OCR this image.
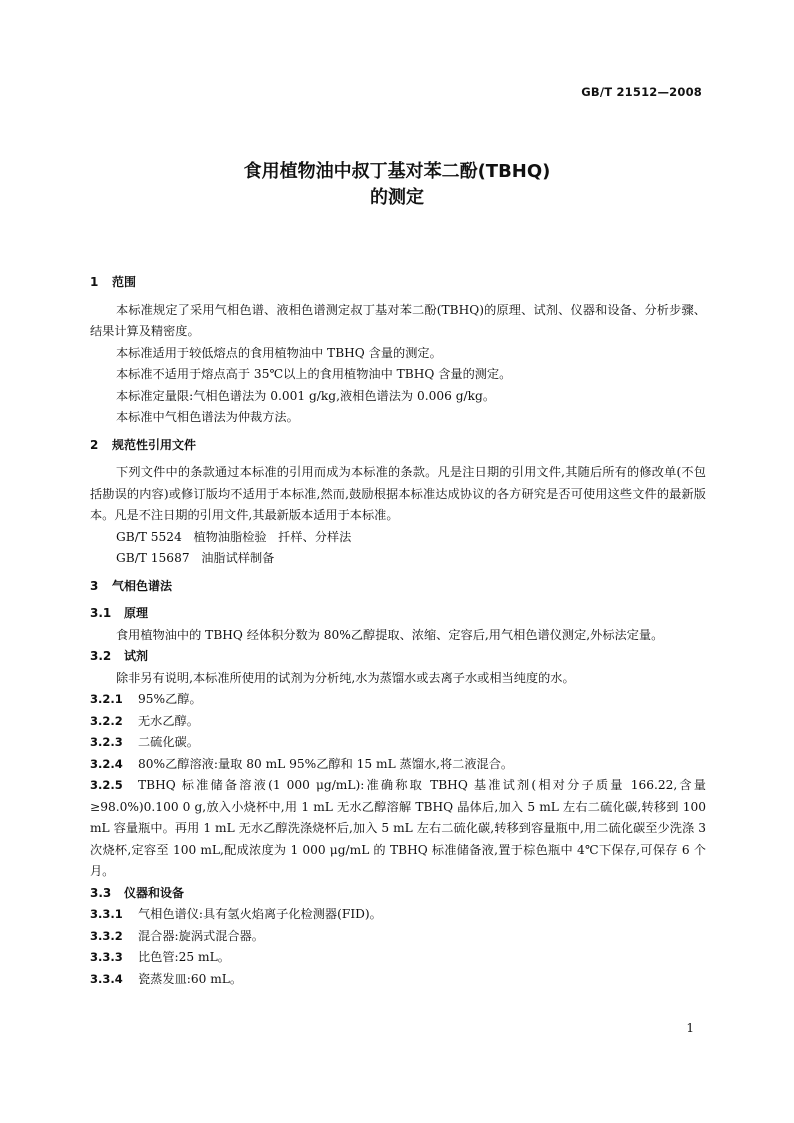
GB/T 21512—2008
食用植物油中叔丁基对苯二酚(TBHQ)
的测定
1 范围

本标准规定了采用气相色谱、液相色谱测定叔丁基对苯二酚(TBHQ)的原理、试剂、仪器和设备、分析步骤、结果计算及精密度。

本标准适用于较低熔点的食用植物油中 TBHQ 含量的测定。

本标准不适用于熔点高于 35℃以上的食用植物油中 TBHQ 含量的测定。

本标准定量限:气相色谱法为 0.001 g/kg,液相色谱法为 0.006 g/kg。

本标准中气相色谱法为仲裁方法。

2 规范性引用文件

下列文件中的条款通过本标准的引用而成为本标准的条款。凡是注日期的引用文件,其随后所有的修改单(不包括勘误的内容)或修订版均不适用于本标准,然而,鼓励根据本标准达成协议的各方研究是否可使用这些文件的最新版本。凡是不注日期的引用文件,其最新版本适用于本标准。

GB/T 5524   植物油脂检验   扦样、分样法

GB/T 15687   油脂试样制备

3 气相色谱法
3.1 原理

食用植物油中的 TBHQ 经体积分数为 80%乙醇提取、浓缩、定容后,用气相色谱仪测定,外标法定量。

3.2 试剂

除非另有说明,本标准所使用的试剂为分析纯,水为蒸馏水或去离子水或相当纯度的水。

3.2.1 95%乙醇。

3.2.2 无水乙醇。

3.2.3 二硫化碳。

3.2.4 80%乙醇溶液:量取 80 mL 95%乙醇和 15 mL 蒸馏水,将二液混合。

3.2.5 TBHQ 标准储备溶液(1 000 μg/mL):准确称取 TBHQ 基准试剂(相对分子质量 166.22,含量≥98.0%)0.100 0 g,放入小烧杯中,用 1 mL 无水乙醇溶解 TBHQ 晶体后,加入 5 mL 左右二硫化碳,转移到 100 mL 容量瓶中。再用 1 mL 无水乙醇洗涤烧杯后,加入 5 mL 左右二硫化碳,转移到容量瓶中,用二硫化碳至少洗涤 3 次烧杯,定容至 100 mL,配成浓度为 1 000 μg/mL 的 TBHQ 标准储备液,置于棕色瓶中 4℃下保存,可保存 6 个月。

3.3 仪器和设备

3.3.1 气相色谱仪:具有氢火焰离子化检测器(FID)。

3.3.2 混合器:旋涡式混合器。

3.3.3 比色管:25 mL。

3.3.4 瓷蒸发皿:60 mL。

1
